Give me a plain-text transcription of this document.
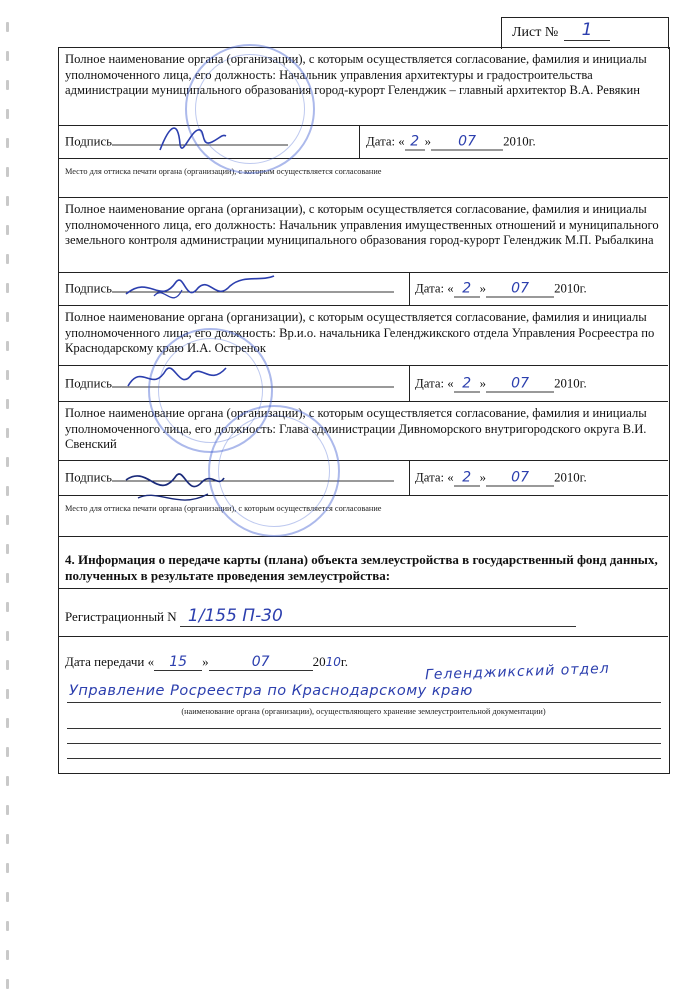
Лист №	1
Полное наименование органа (организации), с которым осуществляется согласование, фамилия и инициалы уполномоченного лица, его должность: Начальник управления архитектуры и градостроительства администрации муниципального образования город-курорт Геленджик – главный архитектор В.А. Ревякин
Подпись	Дата: « 2 » 07 2010г.
Место для оттиска печати органа (организации), с которым осуществляется согласование
Полное наименование органа (организации), с которым осуществляется согласование, фамилия и инициалы уполномоченного лица, его должность: Начальник управления имущественных отношений и муниципального земельного контроля администрации муниципального образования город-курорт Геленджик М.П. Рыбалкина
Подпись	Дата: « 2 » 07 2010г.
Полное наименование органа (организации), с которым осуществляется согласование, фамилия и инициалы уполномоченного лица, его должность: Вр.и.о. начальника Геленджикского отдела Управления Росреестра по Краснодарскому краю И.А. Остренок
Подпись	Дата: « 2 » 07 2010г.
Полное наименование органа (организации), с которым осуществляется согласование, фамилия и инициалы уполномоченного лица, его должность: Глава администрации Дивноморского внутригородского округа В.И. Свенский
Подпись	Дата: « 2 » 07 2010г.
Место для оттиска печати органа (организации), с которым осуществляется согласование
4. Информация о передаче карты (плана) объекта землеустройства в государственный фонд данных, полученных в результате проведения землеустройства:
Регистрационный N 1/155 П-30
Дата передачи « 15 »	07	2010г.	Геленджикский отдел
Управление Росреестра по Краснодарскому краю
(наименование органа (организации), осуществляющего хранение землеустроительной документации)
